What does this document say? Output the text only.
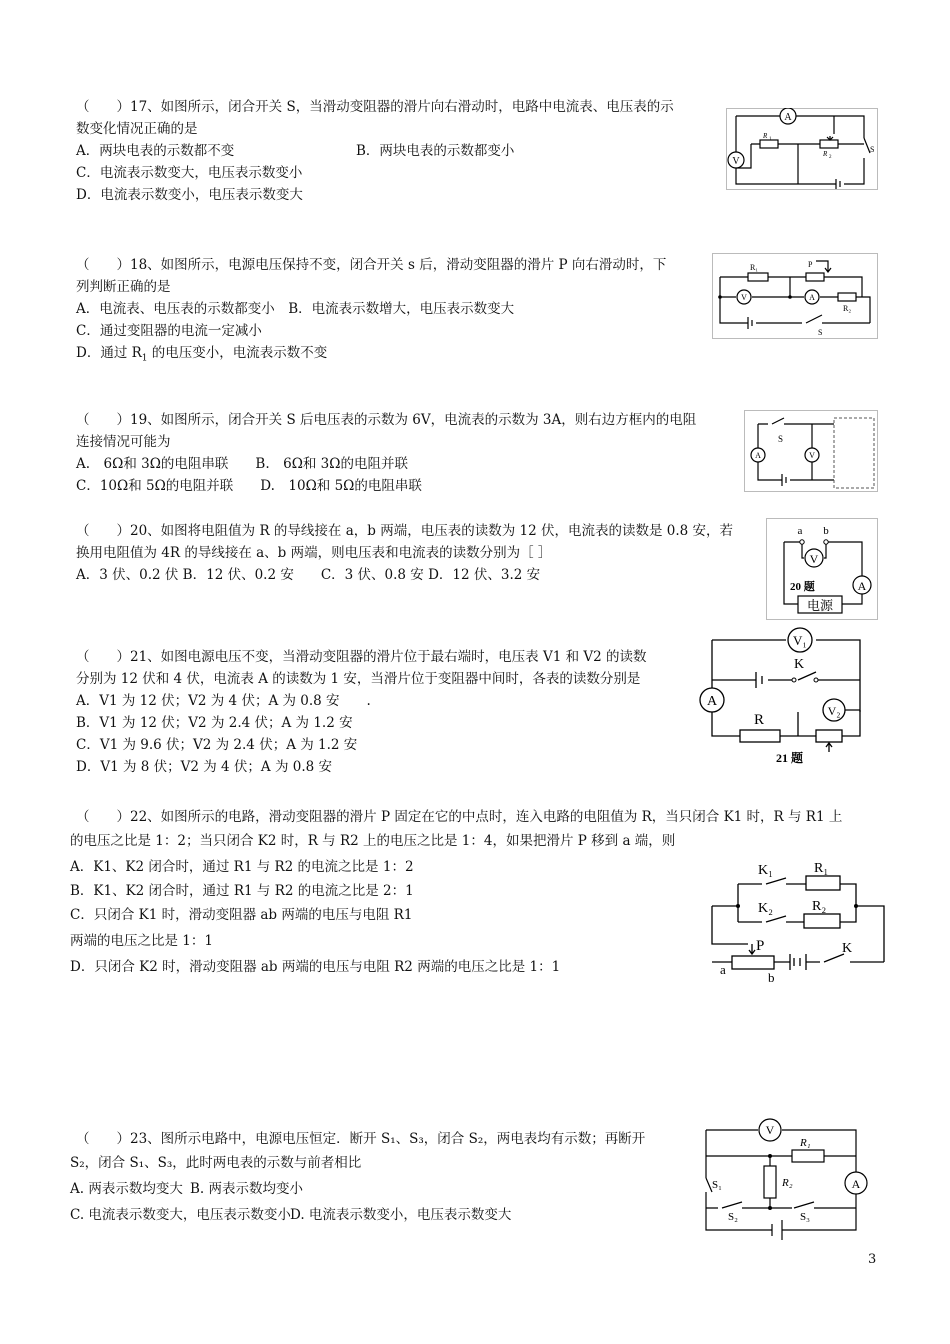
（　　）17、如图所示，闭合开关 S，当滑动变阻器的滑片向右滑动时，电路中电流表、电压表的示
数变化情况正确的是
A．两块电表的示数都不变	B．两块电表的示数都变小
C．电流表示数变大，电压表示数变小
D．电流表示数变小，电压表示数变大
A
V
R 1
R 2
S
（　　）18、如图所示，电源电压保持不变，闭合开关 s 后，滑动变阻器的滑片 P 向右滑动时，下
列判断正确的是
A．电流表、电压表的示数都变小　B．电流表示数增大，电压表示数变大
C．通过变阻器的电流一定减小
D．通过 $R_1$ 的电压变小，电流表示数不变
R₁	P
V	A
R₂
S
（　　）19、如图所示，闭合开关 S 后电压表的示数为 6V，电流表的示数为 3A，则右边方框内的电阻
连接情况可能为
A.　6Ω和 3Ω的电阻串联　　B.　6Ω和 3Ω的电阻并联
C．10Ω和 5Ω的电阻并联　　D.　10Ω和 5Ω的电阻串联
S
A	V
（　　）20、如图将电阻值为 R 的导线接在 a，b 两端，电压表的读数为 12 伏，电流表的读数是 0.8 安，若
换用电阻值为 4R 的导线接在 a、b 两端，则电压表和电流表的读数分别为［ ］
A．3 伏、0.2 伏 B．12 伏、0.2 安　　C．3 伏、0.8 安 D．12 伏、3.2 安
a b
V
A
20 题
电源
（　　）21、如图电源电压不变，当滑动变阻器的滑片位于最右端时，电压表 V1 和 V2 的读数
分别为 12 伏和 4 伏，电流表 A 的读数为 1 安，当滑片位于变阻器中间时，各表的读数分别是
A．V1 为 12 伏；V2 为 4 伏；A 为 0.8 安　　.
B．V1 为 12 伏；V2 为 2.4 伏；A 为 1.2 安
C．V1 为 9.6 伏；V2 为 2.4 伏；A 为 1.2 安
D．V1 为 8 伏；V2 为 4 伏；A 为 0.8 安
V₁
K
A
R
V₂
21 题
（　　）22、如图所示的电路，滑动变阻器的滑片 P 固定在它的中点时，连入电路的电阻值为 R，当只闭合 K1 时，R 与 R1 上
的电压之比是 1：2；当只闭合 K2 时，R 与 R2 上的电压之比是 1：4，如果把滑片 P 移到 a 端，则
A．K1、K2 闭合时，通过 R1 与 R2 的电流之比是 1：2
B．K1、K2 闭合时，通过 R1 与 R2 的电流之比是 2：1
C．只闭合 K1 时，滑动变阻器 ab 两端的电压与电阻 R1
两端的电压之比是 1：1
D．只闭合 K2 时，滑动变阻器 ab 两端的电压与电阻 R2 两端的电压之比是 1：1
K₁	R₁
K₂	R₂
P	K
a
b
（　　）23、图所示电路中，电源电压恒定．断开 S₁、S₃，闭合 S₂，两电表均有示数；再断开
S₂，闭合 S₁、S₃，此时两电表的示数与前者相比
A. 两表示数均变大 B. 两表示数均变小
C. 电流表示数变大，电压表示数变小 D. 电流表示数变小，电压表示数变大
V
R₁
R₂	A
S₁
S₂	S₃
3
